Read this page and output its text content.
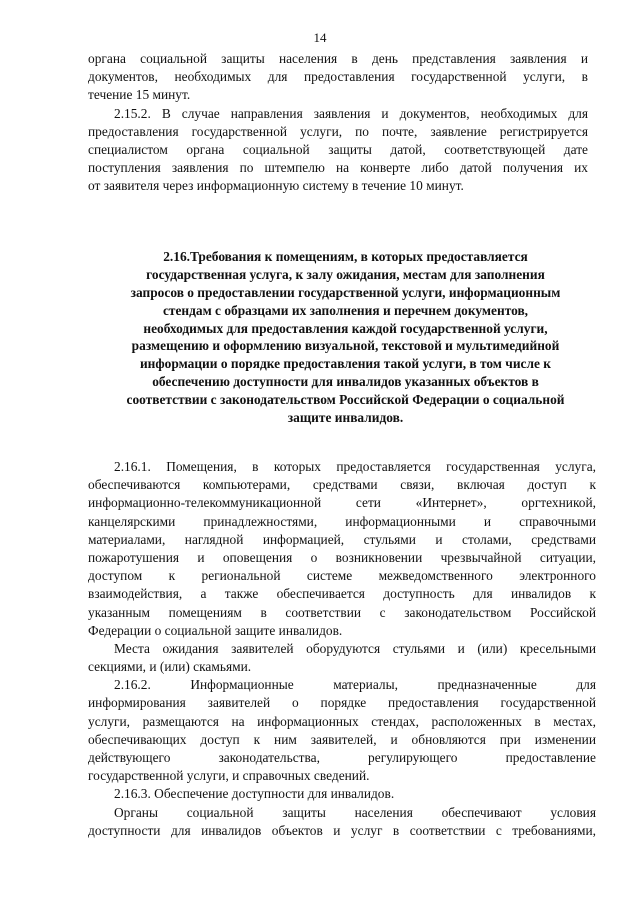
14
органа социальной защиты населения в день представления заявления и
документов, необходимых для предоставления государственной услуги, в
течение 15 минут.
2.15.2. В случае направления заявления и документов, необходимых для
предоставления государственной услуги, по почте, заявление регистрируется
специалистом органа социальной защиты датой, соответствующей дате
поступления заявления по штемпелю на конверте либо датой получения их
от заявителя через информационную систему в течение 10 минут.
2.16.Требования к помещениям, в которых предоставляется
государственная услуга, к залу ожидания, местам для заполнения
запросов о предоставлении государственной услуги, информационным
стендам с образцами их заполнения и перечнем документов,
необходимых для предоставления каждой государственной услуги,
размещению и оформлению визуальной, текстовой и мультимедийной
информации о порядке предоставления такой услуги, в том числе к
обеспечению доступности для инвалидов указанных объектов в
соответствии с законодательством Российской Федерации о социальной
защите инвалидов.
2.16.1. Помещения, в которых предоставляется государственная услуга,
обеспечиваются компьютерами, средствами связи, включая доступ к
информационно-телекоммуникационной сети «Интернет», оргтехникой,
канцелярскими принадлежностями, информационными и справочными
материалами, наглядной информацией, стульями и столами, средствами
пожаротушения и оповещения о возникновении чрезвычайной ситуации,
доступом к региональной системе межведомственного электронного
взаимодействия, а также обеспечивается доступность для инвалидов к
указанным помещениям в соответствии с законодательством Российской
Федерации о социальной защите инвалидов.
Места ожидания заявителей оборудуются стульями и (или) кресельными
секциями, и (или) скамьями.
2.16.2. Информационные материалы, предназначенные для
информирования заявителей о порядке предоставления государственной
услуги, размещаются на информационных стендах, расположенных в местах,
обеспечивающих доступ к ним заявителей, и обновляются при изменении
действующего законодательства, регулирующего предоставление
государственной услуги, и справочных сведений.
2.16.3. Обеспечение доступности для инвалидов.
Органы социальной защиты населения обеспечивают условия
доступности для инвалидов объектов и услуг в соответствии с требованиями,
